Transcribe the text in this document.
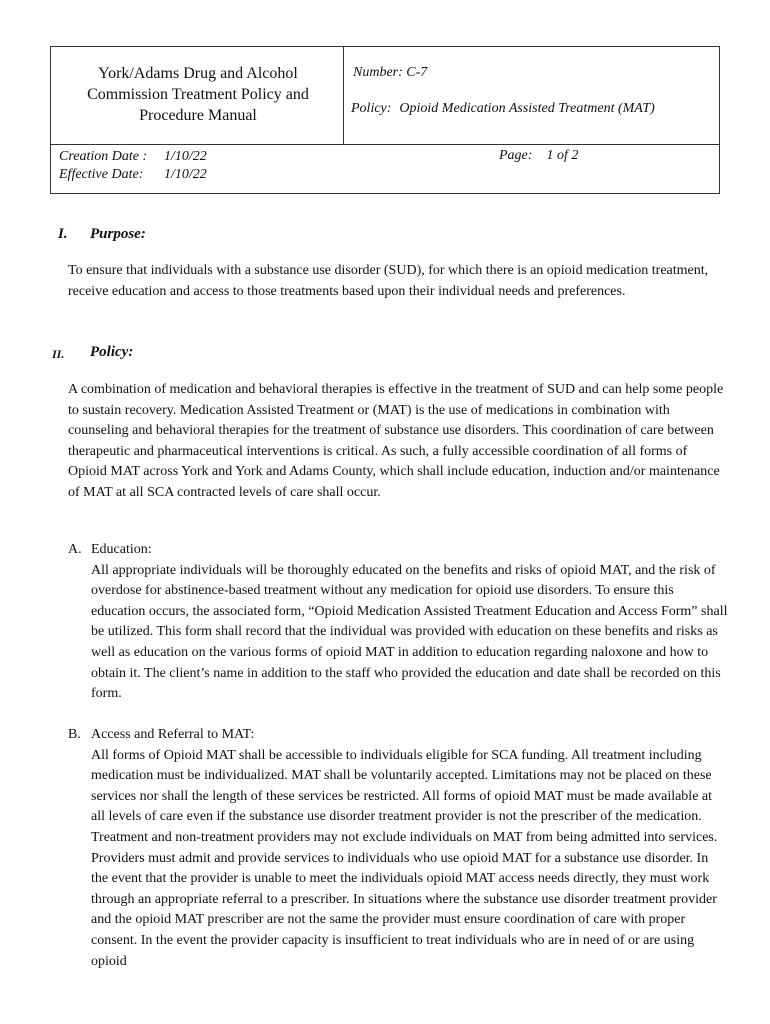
York/Adams Drug and Alcohol Commission Treatment Policy and Procedure Manual
Number: C-7
Policy: Opioid Medication Assisted Treatment (MAT)
Creation Date :	1/10/22
Effective Date:	1/10/22
Page: 1 of 2
I. Purpose:
To ensure that individuals with a substance use disorder (SUD), for which there is an opioid medication treatment, receive education and access to those treatments based upon their individual needs and preferences.
II. Policy:
A combination of medication and behavioral therapies is effective in the treatment of SUD and can help some people to sustain recovery. Medication Assisted Treatment or (MAT) is the use of medications in combination with counseling and behavioral therapies for the treatment of substance use disorders. This coordination of care between therapeutic and pharmaceutical interventions is critical. As such, a fully accessible coordination of all forms of Opioid MAT across York and York and Adams County, which shall include education, induction and/or maintenance of MAT at all SCA contracted levels of care shall occur.
A. Education:
All appropriate individuals will be thoroughly educated on the benefits and risks of opioid MAT, and the risk of overdose for abstinence-based treatment without any medication for opioid use disorders. To ensure this education occurs, the associated form, “Opioid Medication Assisted Treatment Education and Access Form” shall be utilized. This form shall record that the individual was provided with education on these benefits and risks as well as education on the various forms of opioid MAT in addition to education regarding naloxone and how to obtain it. The client’s name in addition to the staff who provided the education and date shall be recorded on this form.
B. Access and Referral to MAT:
All forms of Opioid MAT shall be accessible to individuals eligible for SCA funding. All treatment including medication must be individualized. MAT shall be voluntarily accepted. Limitations may not be placed on these services nor shall the length of these services be restricted. All forms of opioid MAT must be made available at all levels of care even if the substance use disorder treatment provider is not the prescriber of the medication. Treatment and non-treatment providers may not exclude individuals on MAT from being admitted into services. Providers must admit and provide services to individuals who use opioid MAT for a substance use disorder. In the event that the provider is unable to meet the individuals opioid MAT access needs directly, they must work through an appropriate referral to a prescriber. In situations where the substance use disorder treatment provider and the opioid MAT prescriber are not the same the provider must ensure coordination of care with proper consent. In the event the provider capacity is insufficient to treat individuals who are in need of or are using opioid
